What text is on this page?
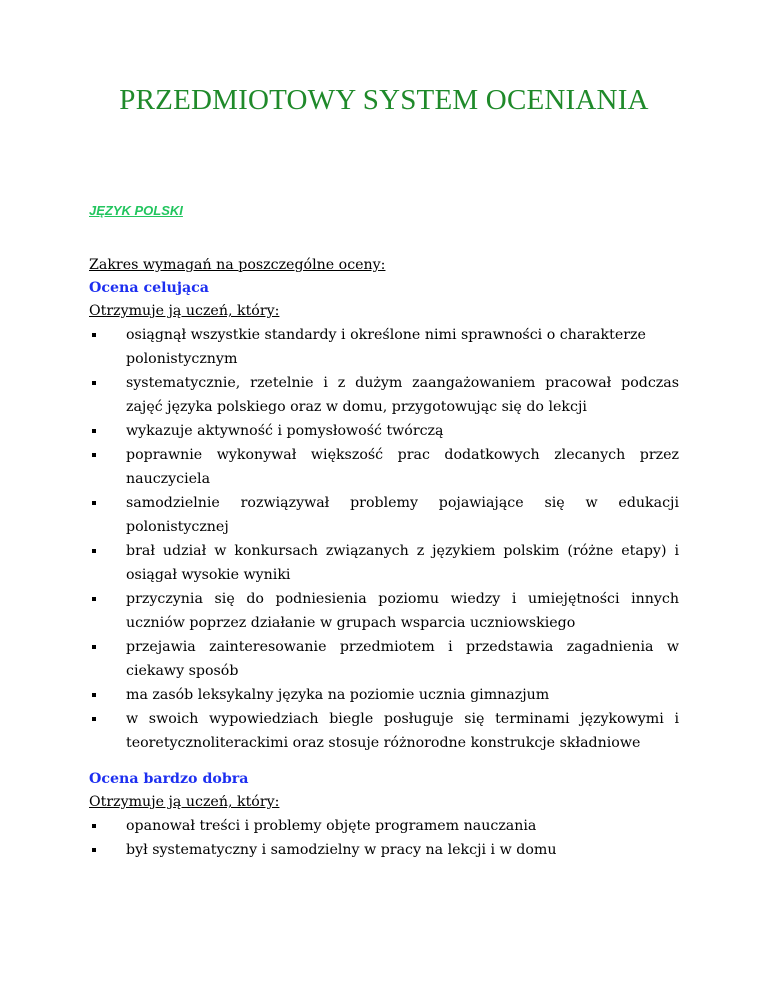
PRZEDMIOTOWY SYSTEM OCENIANIA
JĘZYK POLSKI

Zakres wymagań na poszczególne oceny:

Ocena celująca

Otrzymuje ją uczeń, który:

osiągnął wszystkie standardy i określone nimi sprawności o charakterze polonistycznym
systematycznie, rzetelnie i z dużym zaangażowaniem pracował podczas zajęć języka polskiego oraz w domu, przygotowując się do lekcji
wykazuje aktywność i pomysłowość twórczą
poprawnie wykonywał większość prac dodatkowych zlecanych przez nauczyciela
samodzielnie rozwiązywał problemy pojawiające się w edukacji polonistycznej
brał udział w konkursach związanych z językiem polskim (różne etapy) i osiągał wysokie wyniki
przyczynia się do podniesienia poziomu wiedzy i umiejętności innych uczniów poprzez działanie w grupach wsparcia uczniowskiego
przejawia zainteresowanie przedmiotem i przedstawia zagadnienia w ciekawy sposób
ma zasób leksykalny języka na poziomie ucznia gimnazjum
w swoich wypowiedziach biegle posługuje się terminami językowymi i teoretycznoliterackimi oraz stosuje różnorodne konstrukcje składniowe

Ocena bardzo dobra

Otrzymuje ją uczeń, który:

opanował treści i problemy objęte programem nauczania
był systematyczny i samodzielny w pracy na lekcji i w domu
